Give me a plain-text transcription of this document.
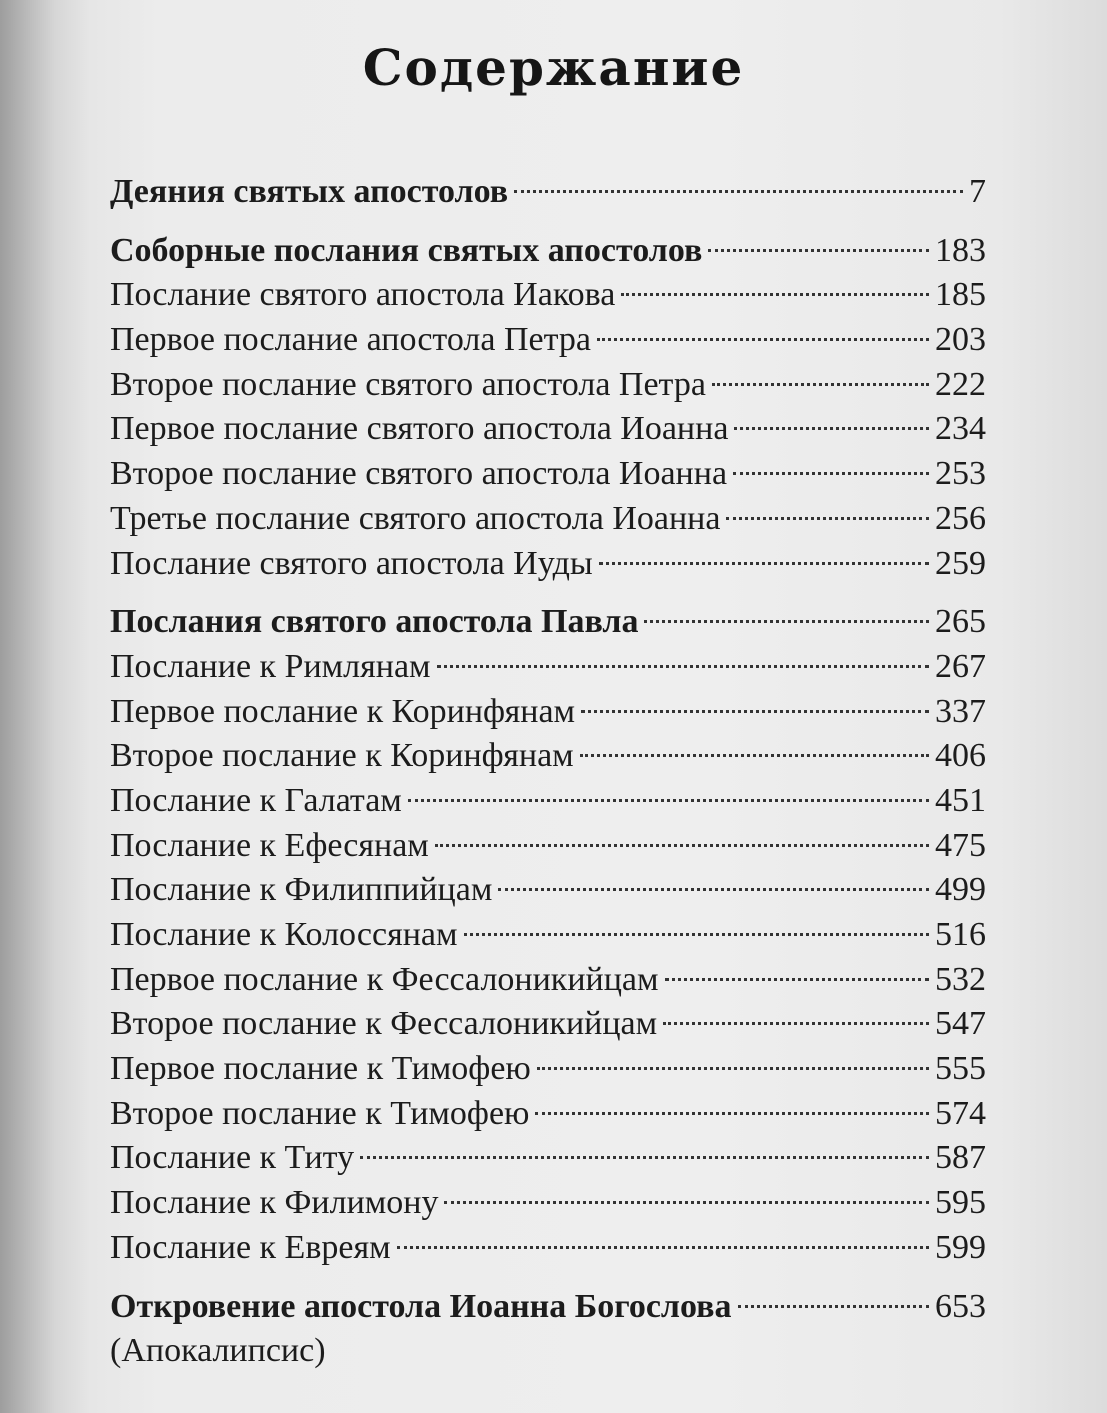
Содержание
Деяния святых апостолов	7
Соборные послания святых апостолов	183
Послание святого апостола Иакова	185
Первое послание апостола Петра	203
Второе послание святого апостола Петра	222
Первое послание святого апостола Иоанна	234
Второе послание святого апостола Иоанна	253
Третье послание святого апостола Иоанна	256
Послание святого апостола Иуды	259
Послания святого апостола Павла	265
Послание к Римлянам	267
Первое послание к Коринфянам	337
Второе послание к Коринфянам	406
Послание к Галатам	451
Послание к Ефесянам	475
Послание к Филиппийцам	499
Послание к Колоссянам	516
Первое послание к Фессалоникийцам	532
Второе послание к Фессалоникийцам	547
Первое послание к Тимофею	555
Второе послание к Тимофею	574
Послание к Титу	587
Послание к Филимону	595
Послание к Евреям	599
Откровение апостола Иоанна Богослова	653
(Апокалипсис)
